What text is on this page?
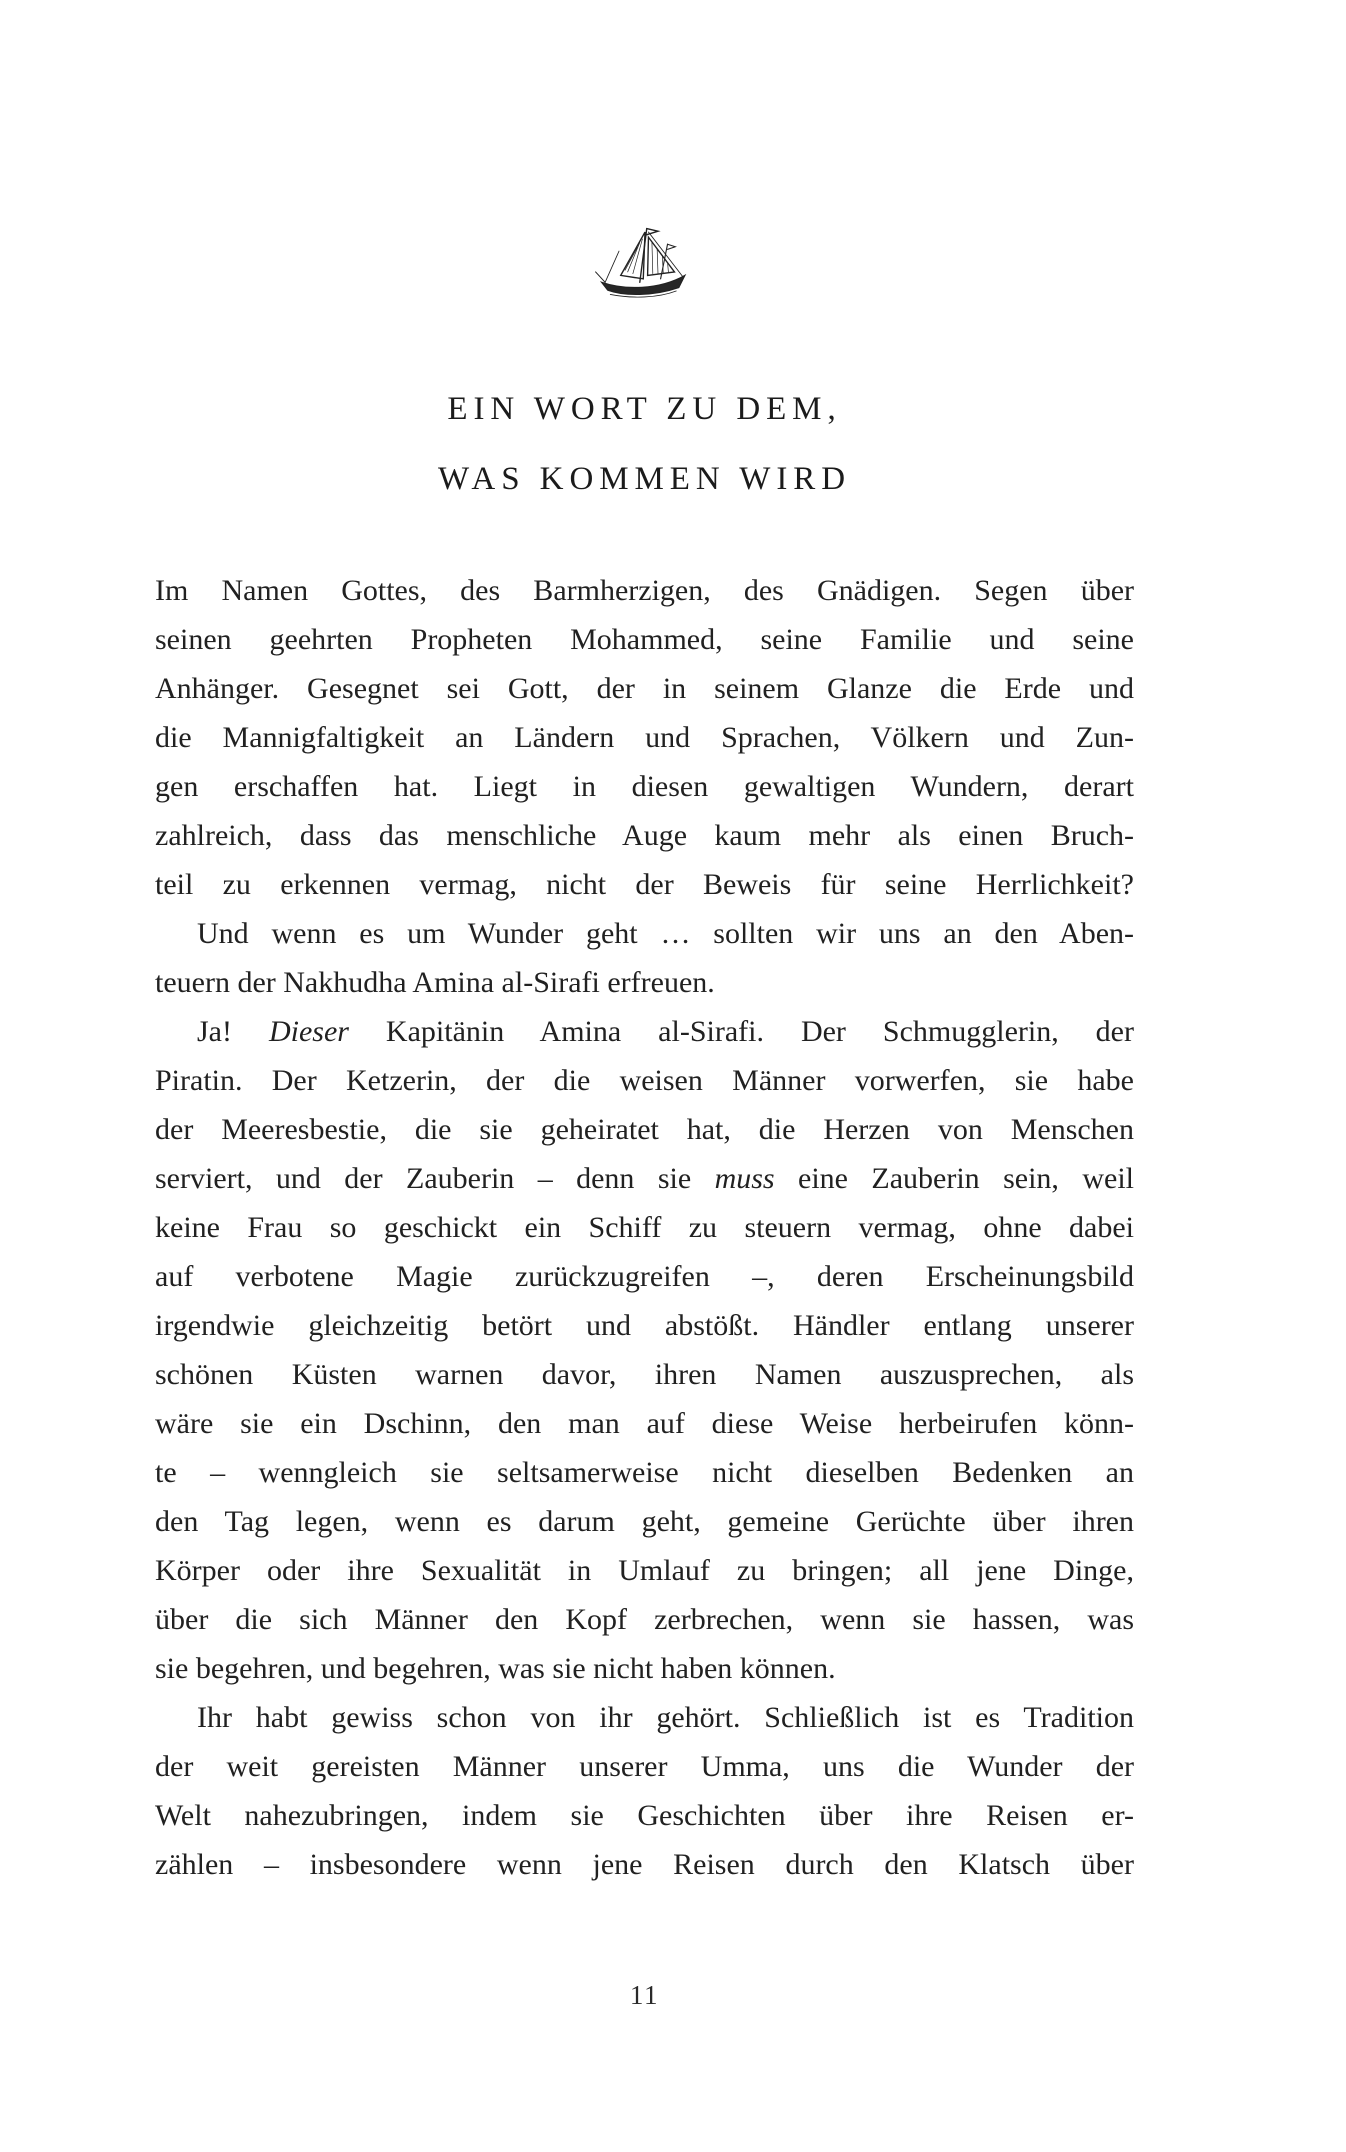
EIN WORT ZU DEM,
WAS KOMMEN WIRD
Im Namen Gottes, des Barmherzigen, des Gnädigen. Segen über
seinen geehrten Propheten Mohammed, seine Familie und seine
Anhänger. Gesegnet sei Gott, der in seinem Glanze die Erde und
die Mannigfaltigkeit an Ländern und Sprachen, Völkern und Zun-
gen erschaffen hat. Liegt in diesen gewaltigen Wundern, derart
zahlreich, dass das menschliche Auge kaum mehr als einen Bruch-
teil zu erkennen vermag, nicht der Beweis für seine Herrlichkeit?
Und wenn es um Wunder geht … sollten wir uns an den Aben-
teuern der Nakhudha Amina al-Sirafi erfreuen.
Ja! Dieser Kapitänin Amina al-Sirafi. Der Schmugglerin, der
Piratin. Der Ketzerin, der die weisen Männer vorwerfen, sie habe
der Meeresbestie, die sie geheiratet hat, die Herzen von Menschen
serviert, und der Zauberin – denn sie muss eine Zauberin sein, weil
keine Frau so geschickt ein Schiff zu steuern vermag, ohne dabei
auf verbotene Magie zurückzugreifen –, deren Erscheinungsbild
irgendwie gleichzeitig betört und abstößt. Händler entlang unserer
schönen Küsten warnen davor, ihren Namen auszusprechen, als
wäre sie ein Dschinn, den man auf diese Weise herbeirufen könn-
te – wenngleich sie seltsamerweise nicht dieselben Bedenken an
den Tag legen, wenn es darum geht, gemeine Gerüchte über ihren
Körper oder ihre Sexualität in Umlauf zu bringen; all jene Dinge,
über die sich Männer den Kopf zerbrechen, wenn sie hassen, was
sie begehren, und begehren, was sie nicht haben können.
Ihr habt gewiss schon von ihr gehört. Schließlich ist es Tradition
der weit gereisten Männer unserer Umma, uns die Wunder der
Welt nahezubringen, indem sie Geschichten über ihre Reisen er-
zählen – insbesondere wenn jene Reisen durch den Klatsch über
11
